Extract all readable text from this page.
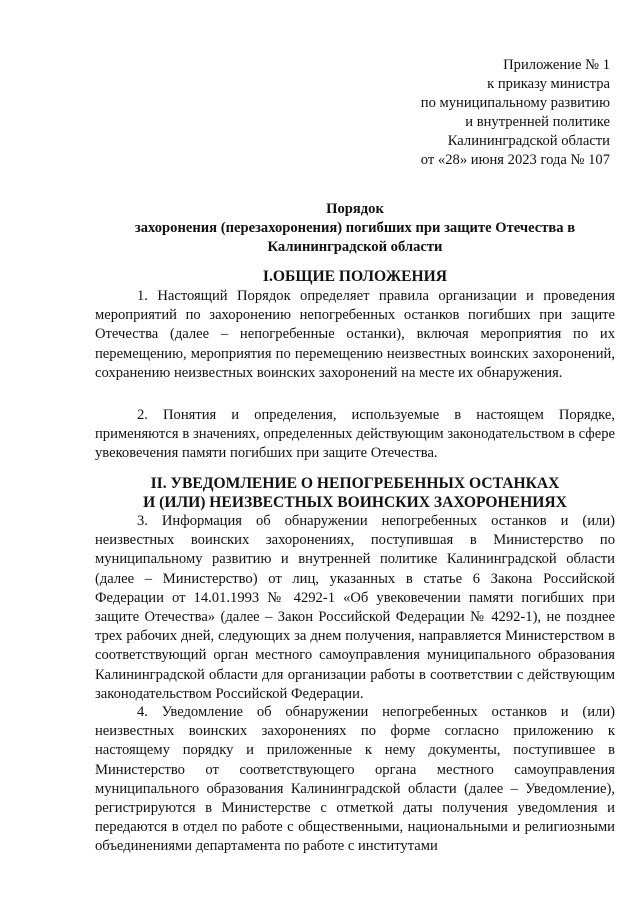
Приложение № 1
к приказу министра
по муниципальному развитию
и внутренней политике
Калининградской области
от «28» июня 2023 года № 107
Порядок
захоронения (перезахоронения) погибших при защите Отечества в
Калининградской области
I.ОБЩИЕ ПОЛОЖЕНИЯ

1. Настоящий Порядок определяет правила организации и проведения мероприятий по захоронению непогребенных останков погибших при защите Отечества (далее – непогребенные останки), включая мероприятия по их перемещению, мероприятия по перемещению неизвестных воинских захоронений, сохранению неизвестных воинских захоронений на месте их обнаружения.

2. Понятия и определения, используемые в настоящем Порядке, применяются в значениях, определенных действующим законодательством в сфере увековечения памяти погибших при защите Отечества.

II. УВЕДОМЛЕНИЕ О НЕПОГРЕБЕННЫХ ОСТАНКАХ
И (ИЛИ) НЕИЗВЕСТНЫХ ВОИНСКИХ ЗАХОРОНЕНИЯХ

3. Информация об обнаружении непогребенных останков и (или) неизвестных воинских захоронениях, поступившая в Министерство по муниципальному развитию и внутренней политике Калининградской области (далее – Министерство) от лиц, указанных в статье 6 Закона Российской Федерации от 14.01.1993 № 4292-1 «Об увековечении памяти погибших при защите Отечества» (далее – Закон Российской Федерации № 4292-1), не позднее трех рабочих дней, следующих за днем получения, направляется Министерством в соответствующий орган местного самоуправления муниципального образования Калининградской области для организации работы в соответствии с действующим законодательством Российской Федерации.

4. Уведомление об обнаружении непогребенных останков и (или) неизвестных воинских захоронениях по форме согласно приложению к настоящему порядку и приложенные к нему документы, поступившее в Министерство от соответствующего органа местного самоуправления муниципального образования Калининградской области (далее – Уведомление), регистрируются в Министерстве с отметкой даты получения уведомления и передаются в отдел по работе с общественными, национальными и религиозными объединениями департамента по работе с институтами
